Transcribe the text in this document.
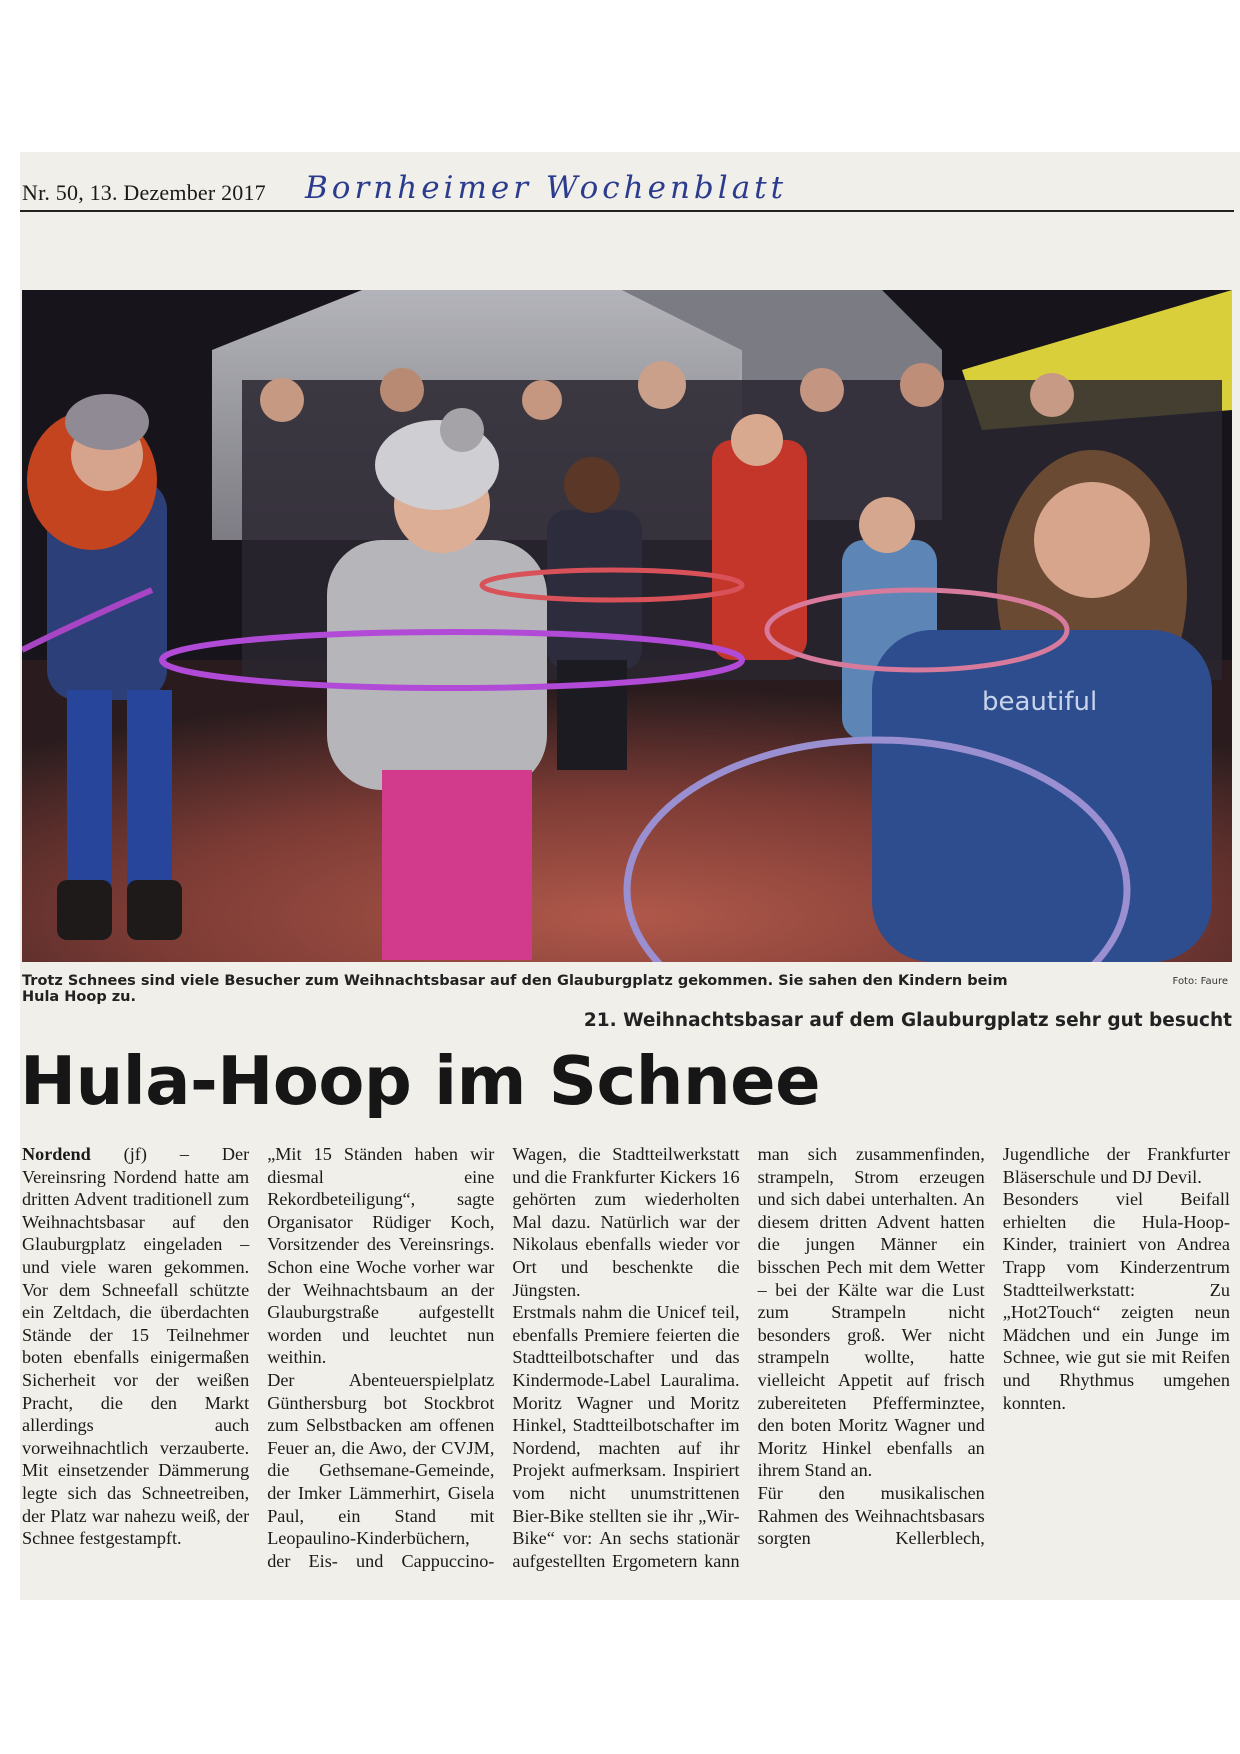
Nr. 50, 13. Dezember 2017 Bornheimer Wochenblatt
beautiful
Trotz Schnees sind viele Besucher zum Weihnachtsbasar auf den Glauburgplatz gekommen. Sie sahen den Kindern beim Hula Hoop zu.
Foto: Faure
21. Weihnachtsbasar auf dem Glauburgplatz sehr gut besucht
Hula-Hoop im Schnee

Nordend (jf) – Der Vereinsring Nordend hatte am dritten Advent traditionell zum Weihnachtsbasar auf den Glauburgplatz eingeladen – und viele waren gekommen. Vor dem Schneefall schützte ein Zeltdach, die überdachten Stände der 15 Teilnehmer boten ebenfalls einigermaßen Sicherheit vor der weißen Pracht, die den Markt allerdings auch vorweihnachtlich verzauberte. Mit einsetzender Dämmerung legte sich das Schneetreiben, der Platz war nahezu weiß, der Schnee festgestampft.

„Mit 15 Ständen haben wir diesmal eine Rekordbeteiligung“, sagte Organisator Rüdiger Koch, Vorsitzender des Vereinsrings. Schon eine Woche vorher war der Weihnachtsbaum an der Glauburgstraße aufgestellt worden und leuchtet nun weithin.

Der Abenteuerspielplatz Günthersburg bot Stockbrot zum Selbstbacken am offenen Feuer an, die Awo, der CVJM, die Gethsemane-Gemeinde, der Imker Lämmerhirt, Gisela Paul, ein Stand mit Leopaulino-Kinderbüchern, der Eis- und Cappuccino-Wagen, die Stadtteilwerkstatt und die Frankfurter Kickers 16 gehörten zum wiederholten Mal dazu. Natürlich war der Nikolaus ebenfalls wieder vor Ort und beschenkte die Jüngsten.

Erstmals nahm die Unicef teil, ebenfalls Premiere feierten die Stadtteilbotschafter und das Kindermode-Label Lauralima. Moritz Wagner und Moritz Hinkel, Stadtteilbotschafter im Nordend, machten auf ihr Projekt aufmerksam. Inspiriert vom nicht unumstrittenen Bier-Bike stellten sie ihr „Wir-Bike“ vor: An sechs stationär aufgestellten Ergometern kann man sich zusammenfinden, strampeln, Strom erzeugen und sich dabei unterhalten. An diesem dritten Advent hatten die jungen Männer ein bisschen Pech mit dem Wetter – bei der Kälte war die Lust zum Strampeln nicht besonders groß. Wer nicht strampeln wollte, hatte vielleicht Appetit auf frisch zubereiteten Pfefferminztee, den boten Moritz Wagner und Moritz Hinkel ebenfalls an ihrem Stand an.

Für den musikalischen Rahmen des Weihnachtsbasars sorgten Kellerblech, Jugendliche der Frankfurter Bläserschule und DJ Devil.

Besonders viel Beifall erhielten die Hula-Hoop-Kinder, trainiert von Andrea Trapp vom Kinderzentrum Stadtteilwerkstatt: Zu „Hot2Touch“ zeigten neun Mädchen und ein Junge im Schnee, wie gut sie mit Reifen und Rhythmus umgehen konnten.
